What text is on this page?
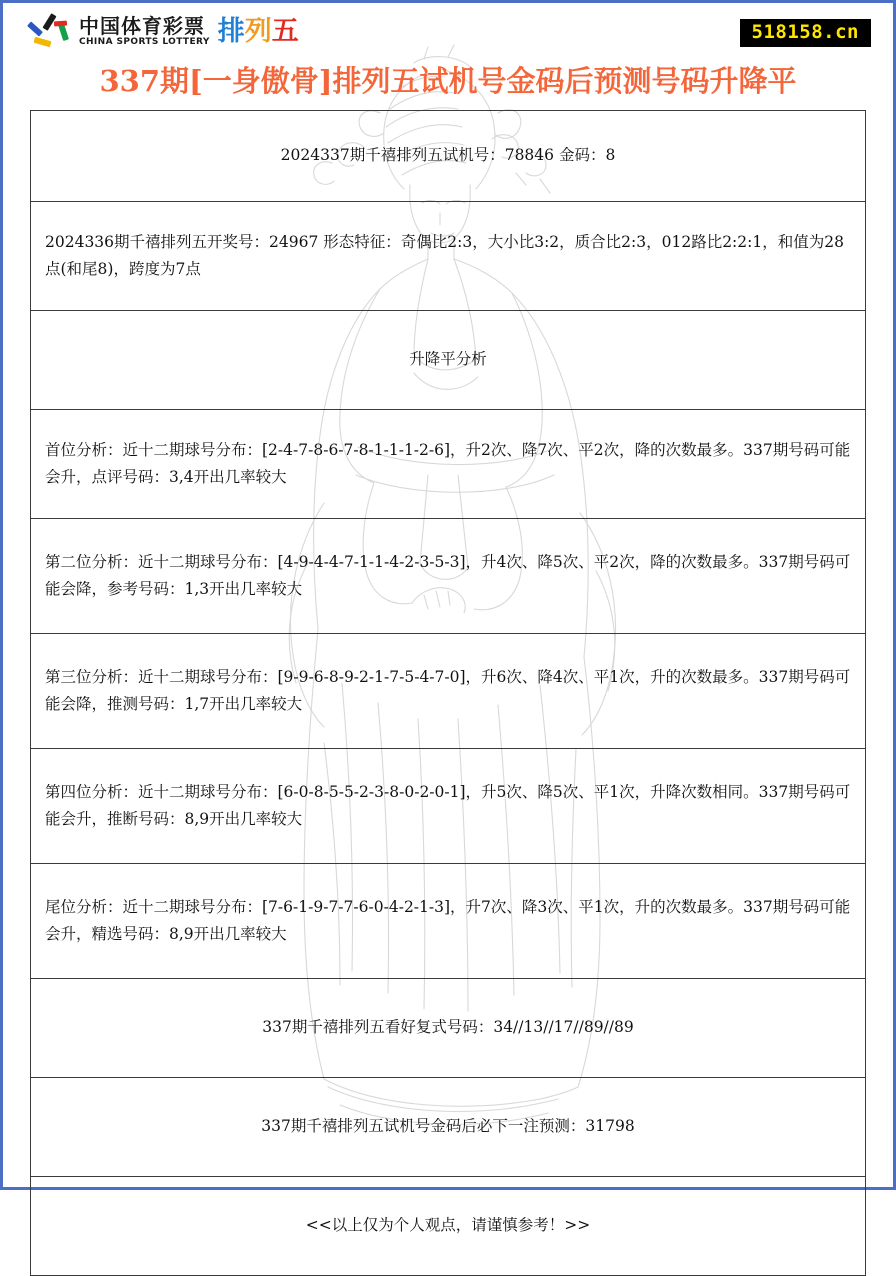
中国体育彩票
CHINA SPORTS LOTTERY 排 列 五	518158.cn
337期[一身傲骨]排列五试机号金码后预测号码升降平
2024337期千禧排列五试机号：78846 金码：8
2024336期千禧排列五开奖号：24967 形态特征：奇偶比2:3，大小比3:2，质合比2:3，012路比2:2:1，和值为28点(和尾8)，跨度为7点
升降平分析
首位分析：近十二期球号分布：[2-4-7-8-6-7-8-1-1-1-2-6]，升2次、降7次、平2次，降的次数最多。337期号码可能会升，点评号码：3,4开出几率较大
第二位分析：近十二期球号分布：[4-9-4-4-7-1-1-4-2-3-5-3]，升4次、降5次、平2次，降的次数最多。337期号码可能会降，参考号码：1,3开出几率较大
第三位分析：近十二期球号分布：[9-9-6-8-9-2-1-7-5-4-7-0]，升6次、降4次、平1次，升的次数最多。337期号码可能会降，推测号码：1,7开出几率较大
第四位分析：近十二期球号分布：[6-0-8-5-5-2-3-8-0-2-0-1]，升5次、降5次、平1次，升降次数相同。337期号码可能会升，推断号码：8,9开出几率较大
尾位分析：近十二期球号分布：[7-6-1-9-7-7-6-0-4-2-1-3]，升7次、降3次、平1次，升的次数最多。337期号码可能会升，精选号码：8,9开出几率较大
337期千禧排列五看好复式号码：34//13//17//89//89
337期千禧排列五试机号金码后必下一注预测：31798
<<以上仅为个人观点，请谨慎参考！>>
